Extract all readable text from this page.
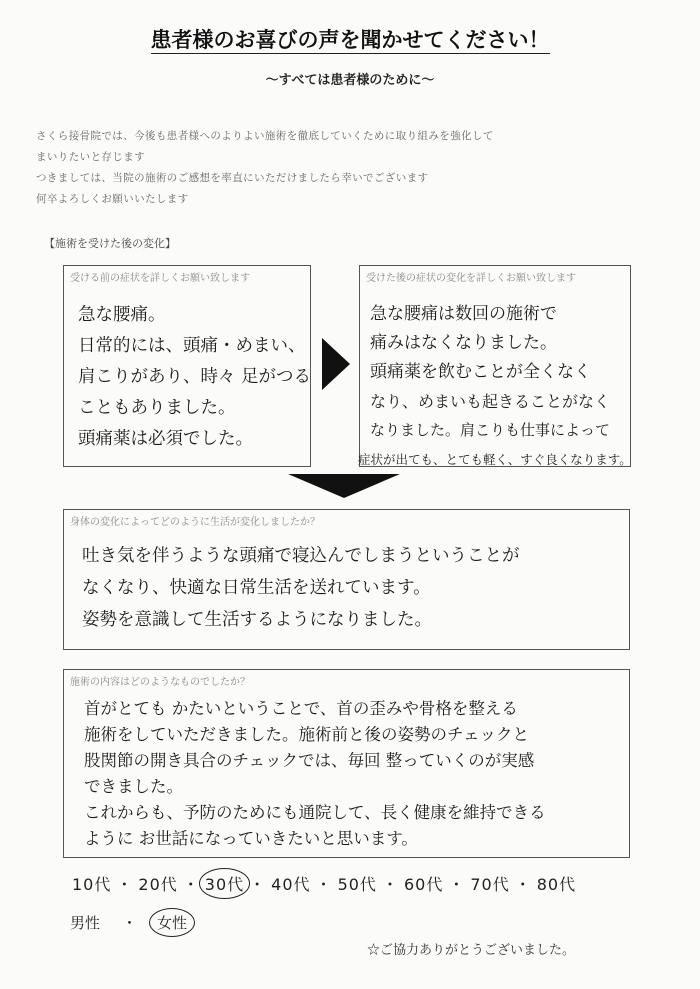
患者様のお喜びの声を聞かせてください！
～すべては患者様のために～
さくら接骨院では、今後も患者様へのよりよい施術を徹底していくために取り組みを強化して
まいりたいと存じます
つきましては、当院の施術のご感想を率直にいただけましたら幸いでございます
何卒よろしくお願いいたします
【施術を受けた後の変化】
受ける前の症状を詳しくお願い致します
急な腰痛。
日常的には、頭痛・めまい、
肩こりがあり、時々 足がつる
こともありました。
頭痛薬は必須でした。
受けた後の症状の変化を詳しくお願い致します
急な腰痛は数回の施術で
痛みはなくなりました。
頭痛薬を飲むことが全くなく
なり、めまいも起きることがなく
なりました。肩こりも仕事によって
症状が出ても、とても軽く、すぐ良くなります。
身体の変化によってどのように生活が変化しましたか？
吐き気を伴うような頭痛で寝込んでしまうということが
なくなり、快適な日常生活を送れています。
姿勢を意識して生活するようになりました。
施術の内容はどのようなものでしたか？
首がとても かたいということで、首の歪みや骨格を整える
施術をしていただきました。施術前と後の姿勢のチェックと
股関節の開き具合のチェックでは、毎回 整っていくのが実感
できました。
これからも、予防のためにも通院して、長く健康を維持できる
ように お世話になっていきたいと思います。
10代 ・ 20代 ・ 30代 ・ 40代 ・ 50代 ・ 60代 ・ 70代 ・ 80代
男性 ・ 女性
☆ご協力ありがとうございました。
